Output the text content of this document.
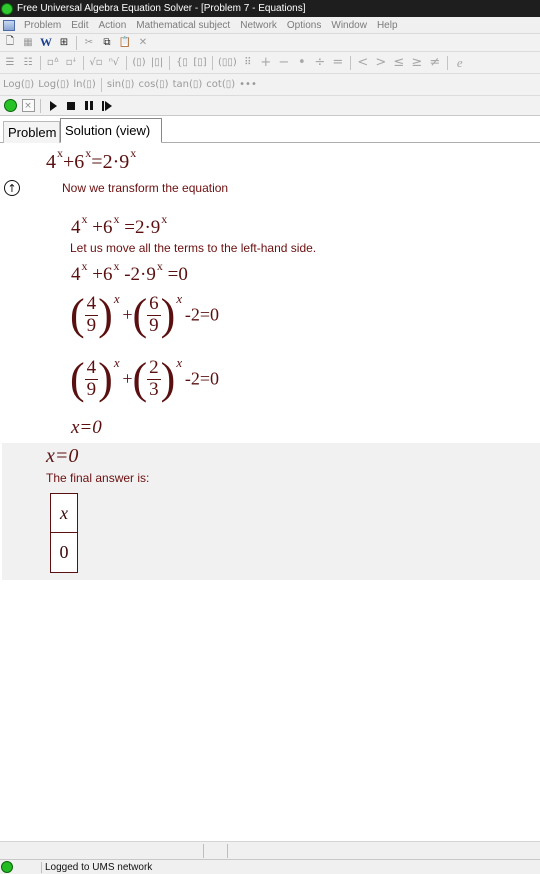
Free Universal Algebra Equation Solver - [Problem 7 - Equations]
Problem	Edit	Action	Mathematical subject	Network	Options	Window	Help
🗋 ▦ W ⊞ ✂	⧉ 📋 ✕
☰ ☷ ▫ᐞ ▫ꜜ √▫ ⁿ√ (▯) |▯| {▯ [▯] (▯▯) ⠿ + − • ÷ = < > ≤ ≥ ≠	e
Log (▯) Log (▯) ln (▯) sin (▯) cos (▯) tan (▯) cot (▯) •••
×
Problem Solution (view)
$4^x+6^x=2\cdot 9^x$
↑	Now we transform the equation
$4^x +6^x =2\cdot 9^x$
Let us move all the terms to the left-hand side.
$4^x +6^x$ $-2\cdot 9^x =0$
( $\frac{4}{9} )^x$ +( $\frac{6}{9} )^x$ -2=0
( $\frac{4}{9} )^x$ +( $\frac{2}{3} )^x$ -2=0
x=0
x=0
The final answer is:
x
0
Logged to UMS network
